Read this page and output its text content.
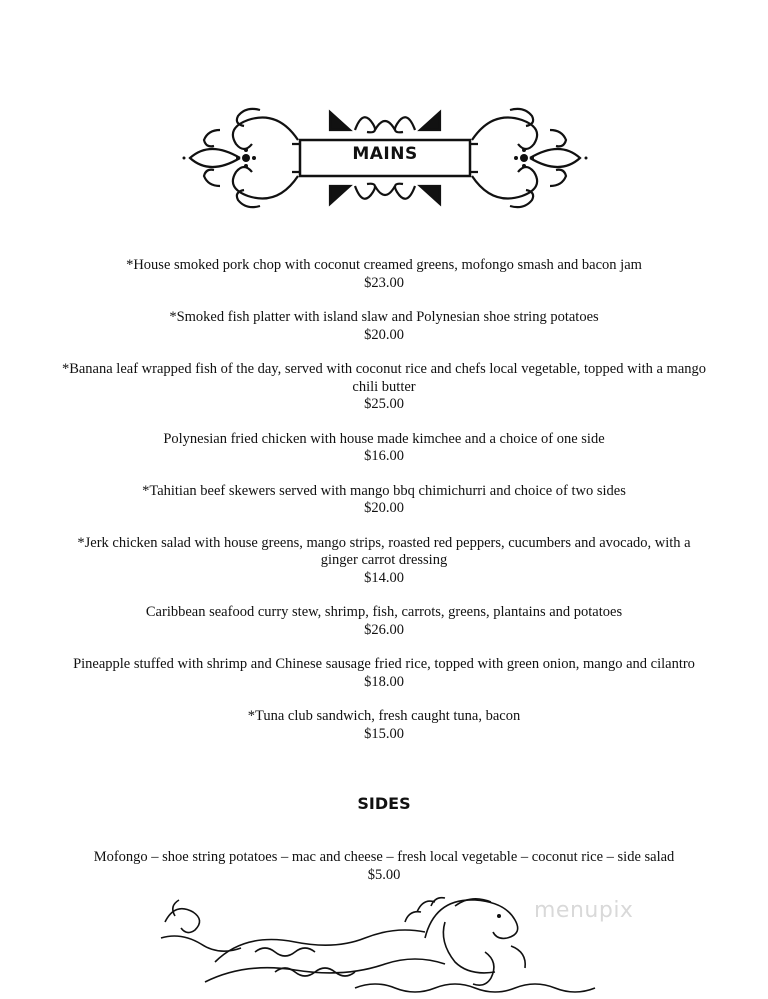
MAINS
*House smoked pork chop with coconut creamed greens, mofongo smash and bacon jam
$23.00
*Smoked fish platter with island slaw and Polynesian shoe string potatoes
$20.00
*Banana leaf wrapped fish of the day, served with coconut rice and chefs local vegetable, topped with a mango chili butter
$25.00
Polynesian fried chicken with house made kimchee and a choice of one side
$16.00
*Tahitian beef skewers served with mango bbq chimichurri and choice of two sides
$20.00
*Jerk chicken salad with house greens, mango strips, roasted red peppers, cucumbers and avocado, with a ginger carrot dressing
$14.00
Caribbean seafood curry stew, shrimp, fish, carrots, greens, plantains and potatoes
$26.00
Pineapple stuffed with shrimp and Chinese sausage fried rice, topped with green onion, mango and cilantro
$18.00
*Tuna club sandwich, fresh caught tuna, bacon
$15.00
SIDES
Mofongo – shoe string potatoes – mac and cheese – fresh local vegetable – coconut rice – side salad
$5.00
menupix
